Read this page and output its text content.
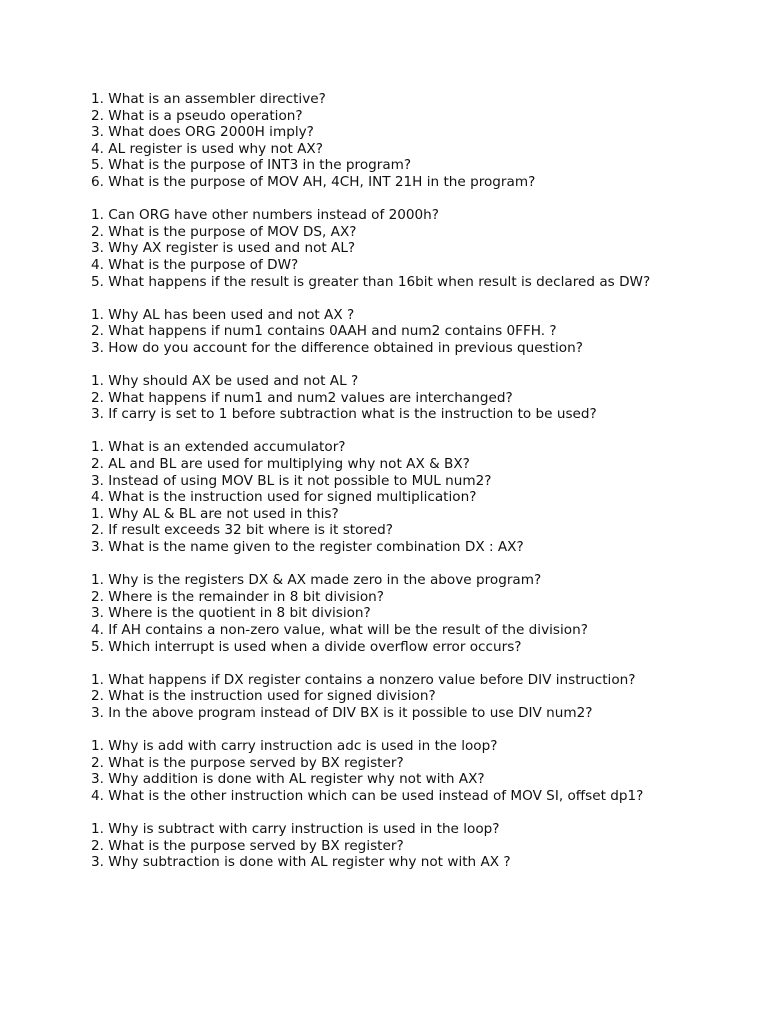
1. What is an assembler directive?
2. What is a pseudo operation?
3. What does ORG 2000H imply?
4. AL register is used why not AX?
5. What is the purpose of INT3 in the program?
6. What is the purpose of MOV AH, 4CH, INT 21H in the program?
1. Can ORG have other numbers instead of 2000h?
2. What is the purpose of MOV DS, AX?
3. Why AX register is used and not AL?
4. What is the purpose of DW?
5. What happens if the result is greater than 16bit when result is declared as DW?
1. Why AL has been used and not AX ?
2. What happens if num1 contains 0AAH and num2 contains 0FFH. ?
3. How do you account for the difference obtained in previous question?
1. Why should AX be used and not AL ?
2. What happens if num1 and num2 values are interchanged?
3. If carry is set to 1 before subtraction what is the instruction to be used?
1. What is an extended accumulator?
2. AL and BL are used for multiplying why not AX & BX?
3. Instead of using MOV BL is it not possible to MUL num2?
4. What is the instruction used for signed multiplication?
1. Why AL & BL are not used in this?
2. If result exceeds 32 bit where is it stored?
3. What is the name given to the register combination DX : AX?
1. Why is the registers DX & AX made zero in the above program?
2. Where is the remainder in 8 bit division?
3. Where is the quotient in 8 bit division?
4. If AH contains a non-zero value, what will be the result of the division?
5. Which interrupt is used when a divide overflow error occurs?
1. What happens if DX register contains a nonzero value before DIV instruction?
2. What is the instruction used for signed division?
3. In the above program instead of DIV BX is it possible to use DIV num2?
1. Why is add with carry instruction adc is used in the loop?
2. What is the purpose served by BX register?
3. Why addition is done with AL register why not with AX?
4. What is the other instruction which can be used instead of MOV SI, offset dp1?
1. Why is subtract with carry instruction is used in the loop?
2. What is the purpose served by BX register?
3. Why subtraction is done with AL register why not with AX ?
